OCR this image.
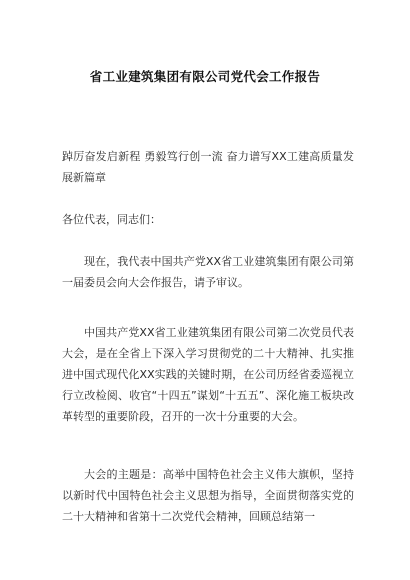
省工业建筑集团有限公司党代会工作报告

踔厉奋发启新程 勇毅笃行创一流 奋力谱写XX工建高质量发展新篇章

各位代表，同志们：

现在，我代表中国共产党XX省工业建筑集团有限公司第一届委员会向大会作报告，请予审议。

中国共产党XX省工业建筑集团有限公司第二次党员代表大会，是在全省上下深入学习贯彻党的二十大精神、扎实推进中国式现代化XX实践的关键时期，在公司历经省委巡视立行立改检阅、收官“十四五”谋划“十五五”、深化施工板块改革转型的重要阶段，召开的一次十分重要的大会。

大会的主题是：高举中国特色社会主义伟大旗帜，坚持以新时代中国特色社会主义思想为指导，全面贯彻落实党的二十大精神和省第十二次党代会精神，回顾总结第一
